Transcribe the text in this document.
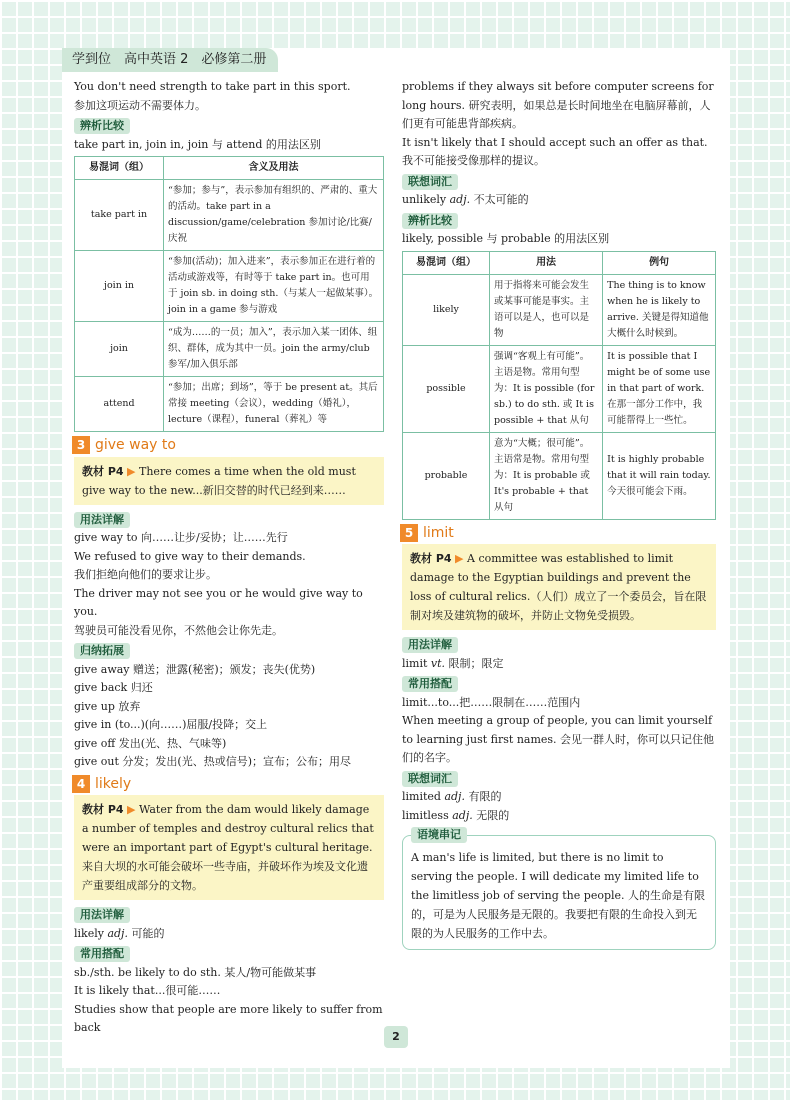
学到位　高中英语 2　必修第二册

You don't need strength to take part in this sport.

参加这项运动不需要体力。

辨析比较

take part in, join in, join 与 attend 的用法区别

易混词（组）	含义及用法
take part in	“参加；参与”，表示参加有组织的、严肃的、重大的活动。take part in a discussion/game/celebration 参加讨论/比赛/庆祝
join in	“参加(活动)；加入进来”，表示参加正在进行着的活动或游戏等，有时等于 take part in。也可用于 join sb. in doing sth.（与某人一起做某事）。join in a game 参与游戏
join	“成为……的一员；加入”，表示加入某一团体、组织、群体，成为其中一员。join the army/club 参军/加入俱乐部
attend	“参加；出席；到场”，等于 be present at。其后常接 meeting（会议），wedding（婚礼），lecture（课程），funeral（葬礼）等
3 give way to
教材 P4 ▶ There comes a time when the old must give way to the new...新旧交替的时代已经到来……
用法详解

give way to 向……让步/妥协；让……先行

We refused to give way to their demands.

我们拒绝向他们的要求让步。

The driver may not see you or he would give way to you.

驾驶员可能没看见你，不然他会让你先走。

归纳拓展

give away 赠送；泄露(秘密)；颁发；丧失(优势)

give back 归还

give up 放弃

give in (to...)(向……)屈服/投降；交上

give off 发出(光、热、气味等)

give out 分发；发出(光、热或信号)；宣布；公布；用尽

4 likely
教材 P4 ▶ Water from the dam would likely damage a number of temples and destroy cultural relics that were an important part of Egypt's cultural heritage. 来自大坝的水可能会破坏一些寺庙，并破坏作为埃及文化遗产重要组成部分的文物。
用法详解

likely adj. 可能的

常用搭配

sb./sth. be likely to do sth. 某人/物可能做某事

It is likely that...很可能……

Studies show that people are more likely to suffer from back

problems if they always sit before computer screens for long hours. 研究表明，如果总是长时间地坐在电脑屏幕前，人们更有可能患背部疾病。

It isn't likely that I should accept such an offer as that.

我不可能接受像那样的提议。

联想词汇

unlikely adj. 不太可能的

辨析比较

likely, possible 与 probable 的用法区别

易混词（组）	用法	例句
likely	用于指将来可能会发生或某事可能是事实。主语可以是人，也可以是物	The thing is to know when he is likely to arrive. 关键是得知道他大概什么时候到。
possible	强调“客观上有可能”。主语是物。常用句型为：It is possible (for sb.) to do sth. 或 It is possible + that 从句	It is possible that I might be of some use in that part of work. 在那一部分工作中，我可能帮得上一些忙。
probable	意为“大概；很可能”。主语常是物。常用句型为：It is probable 或 It's probable + that 从句	It is highly probable that it will rain today. 今天很可能会下雨。
5 limit
教材 P4 ▶ A committee was established to limit damage to the Egyptian buildings and prevent the loss of cultural relics.（人们）成立了一个委员会，旨在限制对埃及建筑物的破坏，并防止文物免受损毁。
用法详解

limit vt. 限制；限定

常用搭配

limit...to...把……限制在……范围内

When meeting a group of people, you can limit yourself to learning just first names. 会见一群人时，你可以只记住他们的名字。

联想词汇

limited adj. 有限的

limitless adj. 无限的

语境串记

A man's life is limited, but there is no limit to serving the people. I will dedicate my limited life to the limitless job of serving the people. 人的生命是有限的，可是为人民服务是无限的。我要把有限的生命投入到无限的为人民服务的工作中去。

2
